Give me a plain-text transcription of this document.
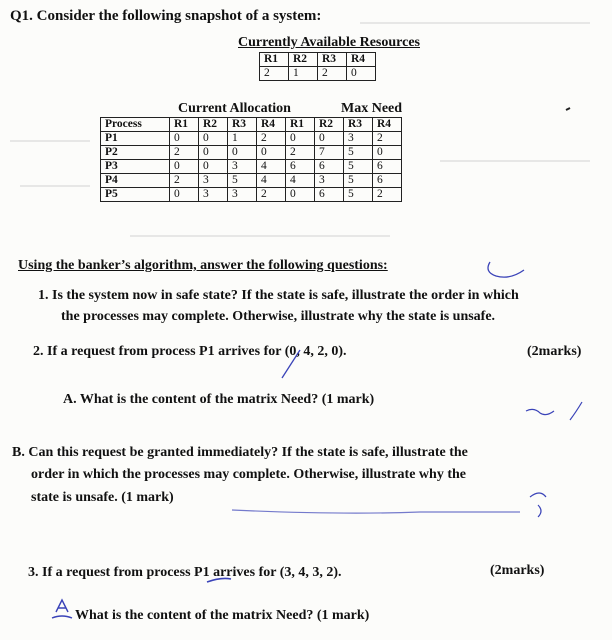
Q1. Consider the following snapshot of a system:
Currently Available Resources
R1	R2	R3	R4
2	1	2	0
Current Allocation	Max Need
Process	R1	R2	R3	R4	R1	R2	R3	R4
P1	0	0	1	2	0	0	3	2
P2	2	0	0	0	2	7	5	0
P3	0	0	3	4	6	6	5	6
P4	2	3	5	4	4	3	5	6
P5	0	3	3	2	0	6	5	2
Using the banker’s algorithm, answer the following questions:
1. Is the system now in safe state? If the state is safe, illustrate the order in which
the processes may complete. Otherwise, illustrate why the state is unsafe.
2. If a request from process P1 arrives for (0, 4, 2, 0).	(2marks)
A. What is the content of the matrix Need? (1 mark)
B. Can this request be granted immediately? If the state is safe, illustrate the
order in which the processes may complete. Otherwise, illustrate why the
state is unsafe. (1 mark)
3. If a request from process P1 arrives for (3, 4, 3, 2).	(2marks)
What is the content of the matrix Need? (1 mark)
